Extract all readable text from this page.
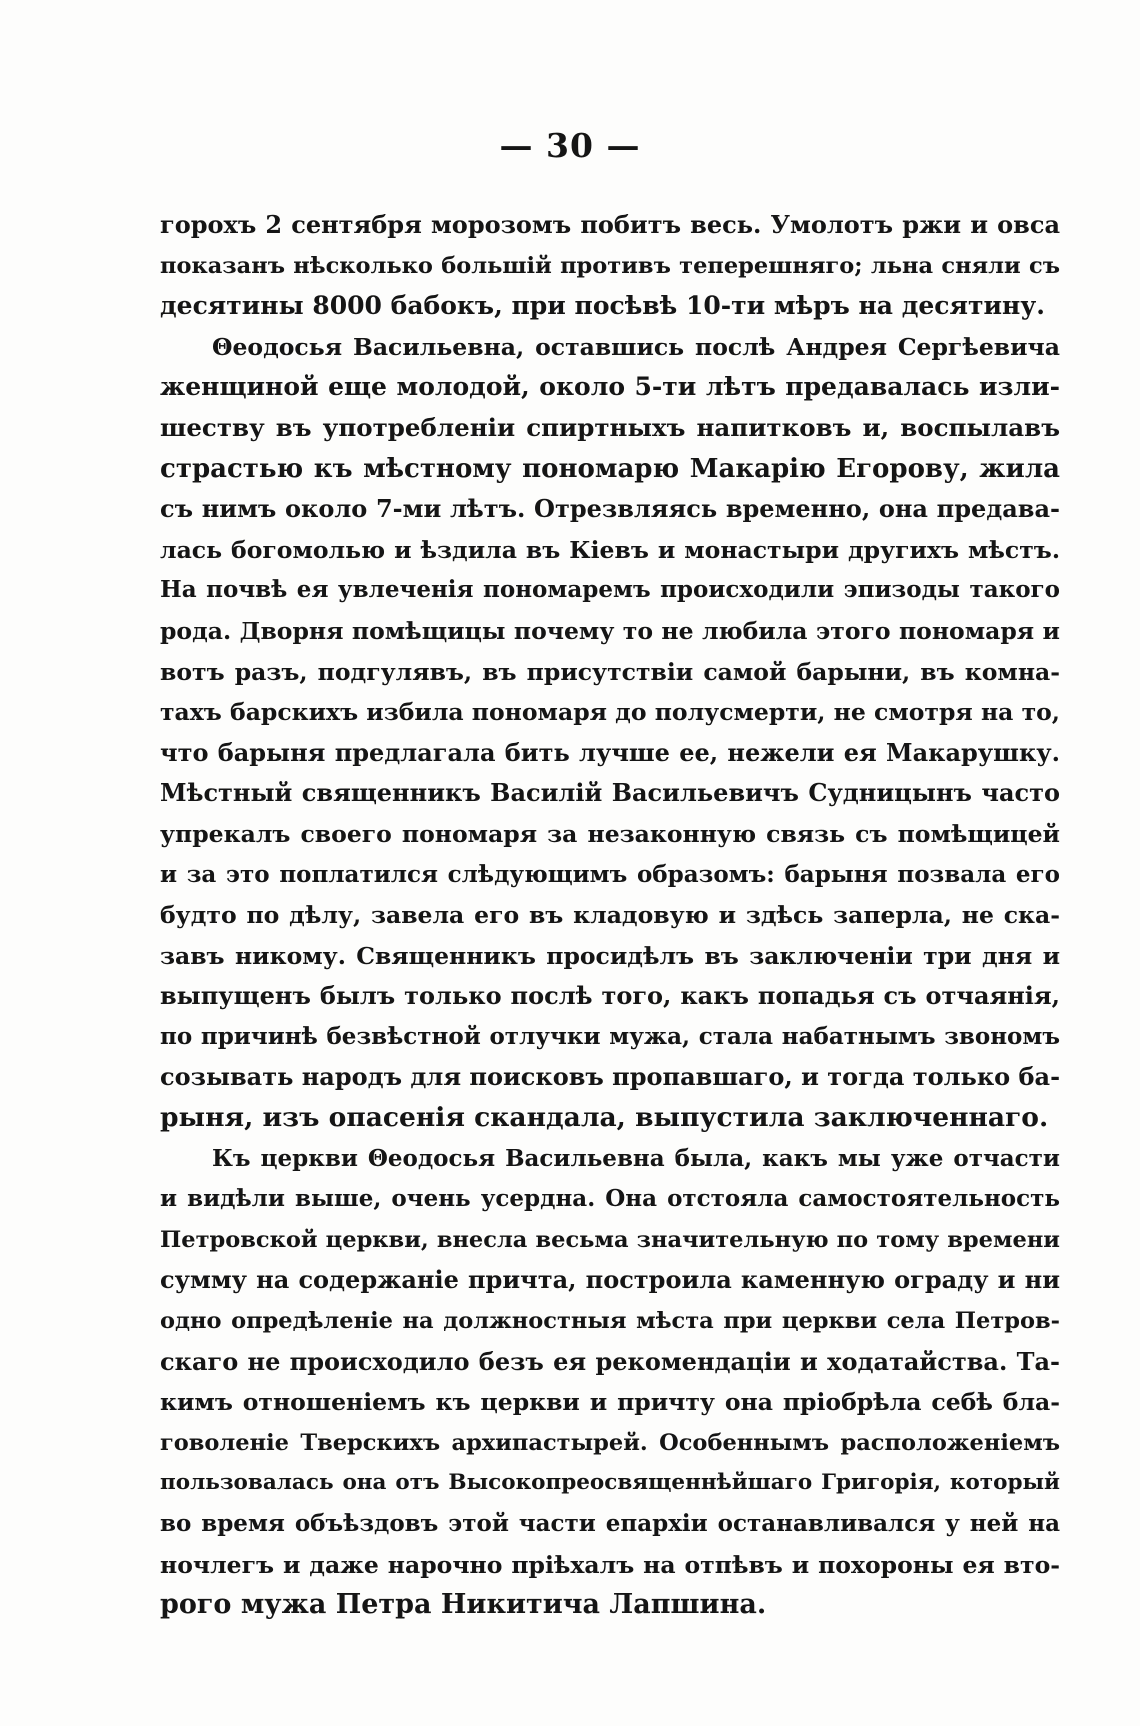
— 30 —
горохъ 2 сентября морозомъ побитъ весь. Умолотъ ржи и овса
показанъ нѣсколько большій противъ теперешняго; льна сняли съ
десятины 8000 бабокъ, при посѣвѣ 10-ти мѣръ на десятину.
Θеодосья Васильевна, оставшись послѣ Андрея Сергѣевича
женщиной еще молодой, около 5-ти лѣтъ предавалась изли-
шеству въ употребленіи спиртныхъ напитковъ и, воспылавъ
страстью къ мѣстному пономарю Макарію Егорову, жила
съ нимъ около 7-ми лѣтъ. Отрезвляясь временно, она предава-
лась богомолью и ѣздила въ Кіевъ и монастыри другихъ мѣстъ.
На почвѣ ея увлеченія пономаремъ происходили эпизоды такого
рода. Дворня помѣщицы почему то не любила этого пономаря и
вотъ разъ, подгулявъ, въ присутствіи самой барыни, въ комна-
тахъ барскихъ избила пономаря до полусмерти, не смотря на то,
что барыня предлагала бить лучше ее, нежели ея Макарушку.
Мѣстный священникъ Василій Васильевичъ Судницынъ часто
упрекалъ своего пономаря за незаконную связь съ помѣщицей
и за это поплатился слѣдующимъ образомъ: барыня позвала его
будто по дѣлу, завела его въ кладовую и здѣсь заперла, не ска-
завъ никому. Священникъ просидѣлъ въ заключеніи три дня и
выпущенъ былъ только послѣ того, какъ попадья съ отчаянія,
по причинѣ безвѣстной отлучки мужа, стала набатнымъ звономъ
созывать народъ для поисковъ пропавшаго, и тогда только ба-
рыня, изъ опасенія скандала, выпустила заключеннаго.
Къ церкви Θеодосья Васильевна была, какъ мы уже отчасти
и видѣли выше, очень усердна. Она отстояла самостоятельность
Петровской церкви, внесла весьма значительную по тому времени
сумму на содержаніе причта, построила каменную ограду и ни
одно опредѣленіе на должностныя мѣста при церкви села Петров-
скаго не происходило безъ ея рекомендаціи и ходатайства. Та-
кимъ отношеніемъ къ церкви и причту она пріобрѣла себѣ бла-
говоленіе Тверскихъ архипастырей. Особеннымъ расположеніемъ
пользовалась она отъ Высокопреосвященнѣйшаго Григорія, который
во время объѣздовъ этой части епархіи останавливался у ней на
ночлегъ и даже нарочно пріѣхалъ на отпѣвъ и похороны ея вто-
рого мужа Петра Никитича Лапшина.
